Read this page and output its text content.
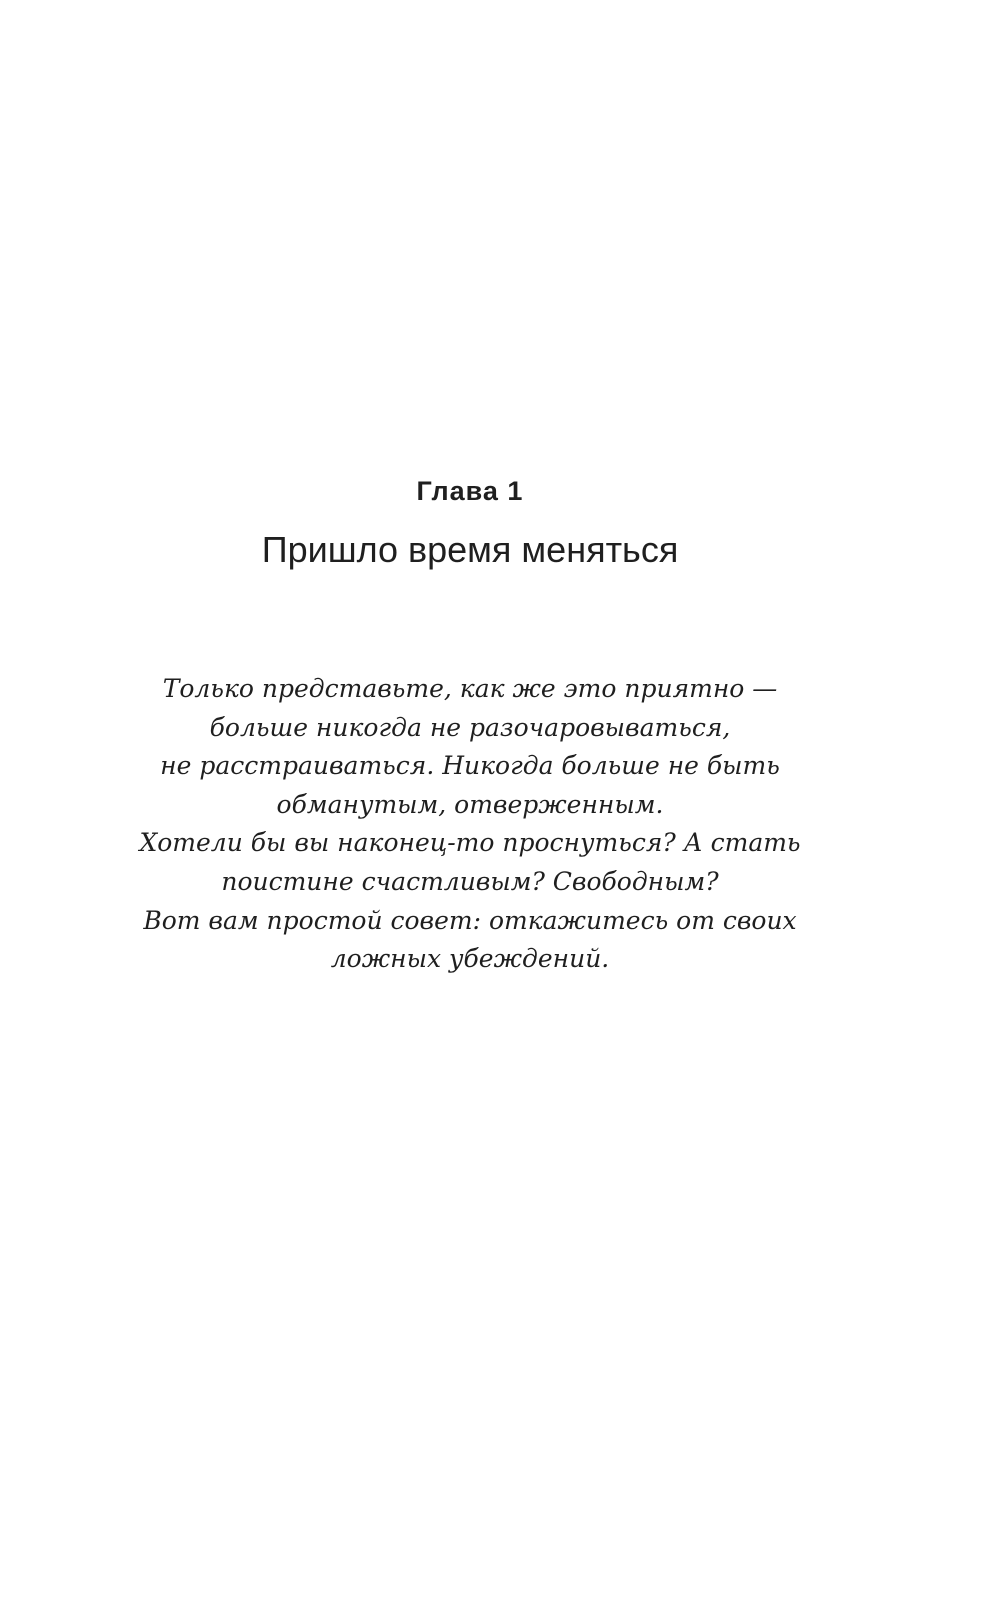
Глава 1
Пришло время меняться

Только представьте, как же это приятно —
больше никогда не разочаровываться,
не расстраиваться. Никогда больше не быть
обманутым, отверженным.
Хотели бы вы наконец-то проснуться? А стать
поистине счастливым? Свободным?
Вот вам простой совет: откажитесь от своих
ложных убеждений.
